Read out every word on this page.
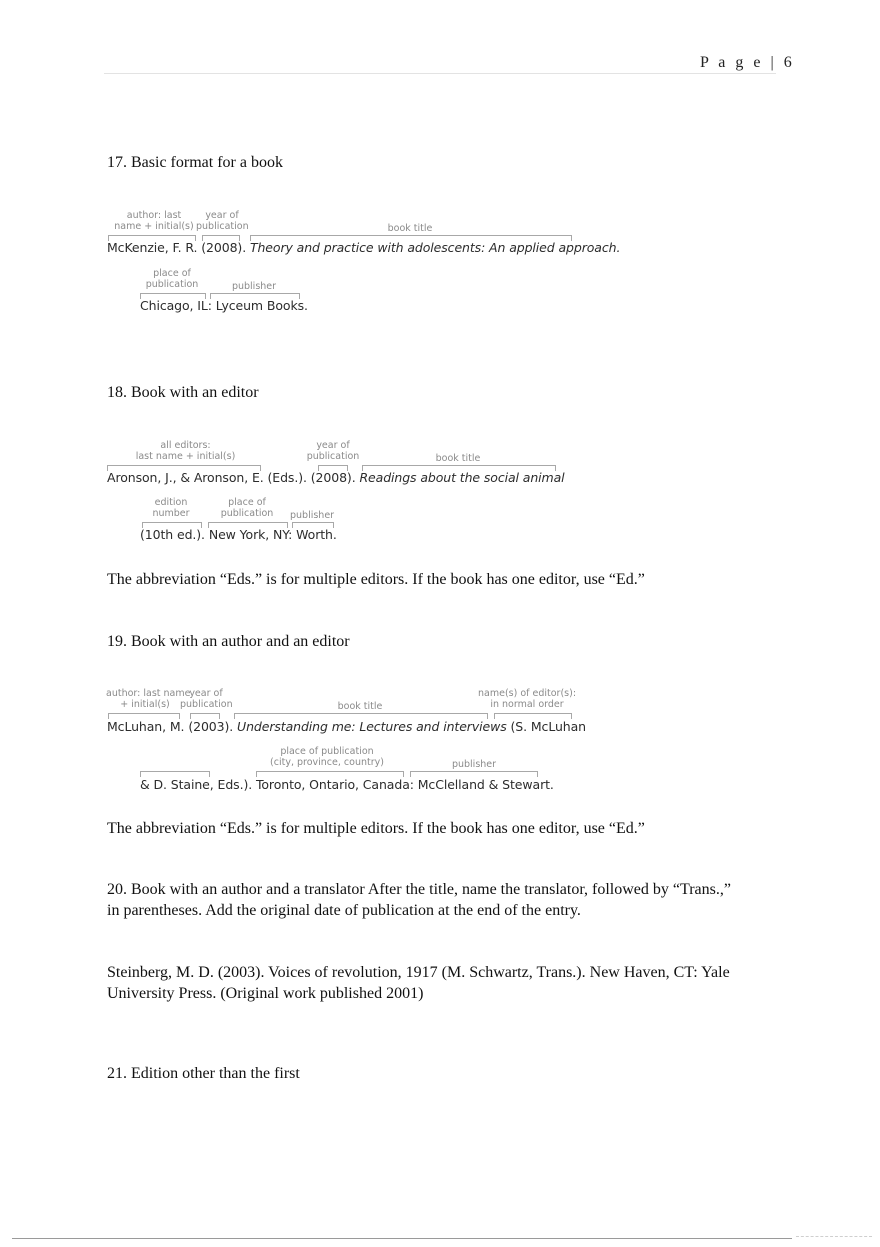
P a g e | 6

17. Basic format for a book

author: last
name + initial(s)
year of
publication	book title
McKenzie, F. R. (2008). Theory and practice with adolescents: An applied approach.
place of
publication	publisher
Chicago, IL: Lyceum Books.

18. Book with an editor

all editors:
last name + initial(s)
year of
publication	book title
Aronson, J., & Aronson, E. (Eds.). (2008). Readings about the social animal
edition
number
place of
publication	publisher
(10th ed.). New York, NY: Worth.

The abbreviation “Eds.” is for multiple editors. If the book has one editor, use “Ed.”

19. Book with an author and an editor

author: last name
+ initial(s)
year of
publication	book title
name(s) of editor(s):
in normal order
McLuhan, M. (2003). Understanding me: Lectures and interviews (S. McLuhan
place of publication
(city, province, country)	publisher
& D. Staine, Eds.). Toronto, Ontario, Canada: McClelland & Stewart.

The abbreviation “Eds.” is for multiple editors. If the book has one editor, use “Ed.”

20. Book with an author and a translator After the title, name the translator, followed by “Trans.,” in parentheses. Add the original date of publication at the end of the entry.

Steinberg, M. D. (2003). Voices of revolution, 1917 (M. Schwartz, Trans.). New Haven, CT: Yale University Press. (Original work published 2001)

21. Edition other than the first
